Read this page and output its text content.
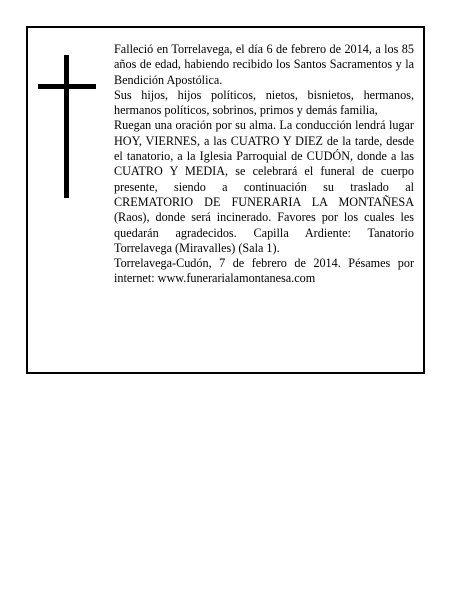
Falleció en Torrelavega, el día 6 de febrero de 2014, a los 85 años de edad, habiendo recibido los Santos Sacramentos y la Bendición Apostólica.

Sus hijos, hijos políticos, nietos, bisnietos, hermanos, hermanos políticos, sobrinos, primos y demás familia,

Ruegan una oración por su alma. La conducción lendrá lugar HOY, VIERNES, a las CUATRO Y DIEZ de la tarde, desde el tanatorio, a la Iglesia Parroquial de CUDÓN, donde a las CUATRO Y MEDIA, se celebrará el funeral de cuerpo presente, siendo a continuación su traslado al CREMATORIO DE FUNERARIA LA MONTAÑESA (Raos), donde será incinerado. Favores por los cuales les quedarán agradecidos. Capilla Ardiente: Tanatorio Torrelavega (Miravalles) (Sala 1).

Torrelavega-Cudón, 7 de febrero de 2014. Pésames por internet: www.funerarialamontanesa.com
